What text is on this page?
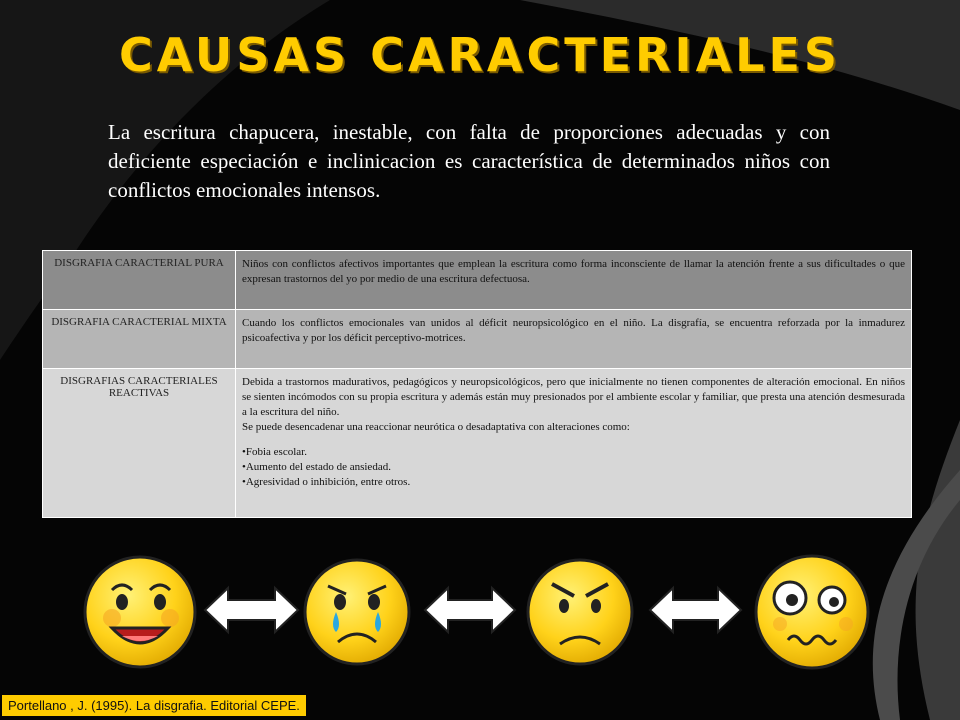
CAUSAS CARACTERIALES
La escritura chapucera, inestable, con falta de proporciones adecuadas y con deficiente especiación e inclinicacion es característica de determinados niños con conflictos emocionales intensos.
DISGRAFIA CARACTERIAL PURA	Niños con conflictos afectivos importantes que emplean la escritura como forma inconsciente de llamar la atención frente a sus dificultades o que expresan trastornos del yo por medio de una escritura defectuosa.
DISGRAFIA CARACTERIAL MIXTA	Cuando los conflictos emocionales van unidos al déficit neuropsicológico en el niño. La disgrafía, se encuentra reforzada por la inmadurez psicoafectiva y por los déficit perceptivo-motrices.
DISGRAFIAS CARACTERIALES REACTIVAS	Debida a trastornos madurativos, pedagógicos y neuropsicológicos, pero que inicialmente no tienen componentes de alteración emocional. En niños se sienten incómodos con su propia escritura y además están muy presionados por el ambiente escolar y familiar, que presta una atención desmesurada a la escritura del niño.

Se puede desencadenar una reaccionar neurótica o desadaptativa con alteraciones como:

•Fobia escolar.

•Aumento del estado de ansiedad.

•Agresividad o inhibición, entre otros.

Portellano , J. (1995). La disgrafia. Editorial CEPE.
